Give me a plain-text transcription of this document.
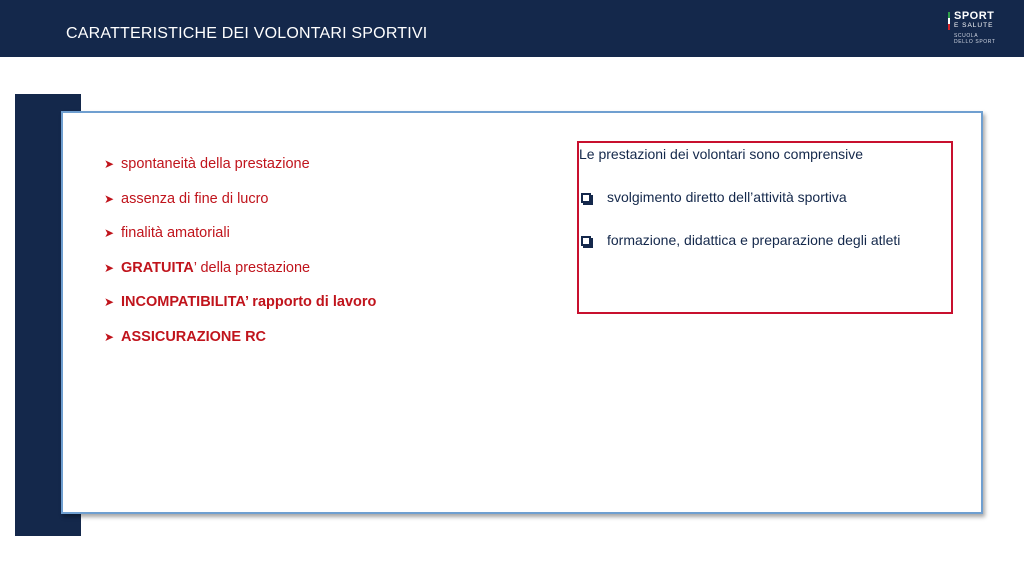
CARATTERISTICHE DEI VOLONTARI SPORTIVI
SPORT
E SALUTE
SCUOLA
DELLO SPORT
➤ spontaneità della prestazione
➤ assenza di fine di lucro
➤ finalità amatoriali
➤ GRATUITA’ della prestazione
➤ INCOMPATIBILITA’ rapporto di lavoro
➤ ASSICURAZIONE RC
Le prestazioni dei volontari sono comprensive
svolgimento diretto dell’attività sportiva
formazione, didattica e preparazione degli atleti
